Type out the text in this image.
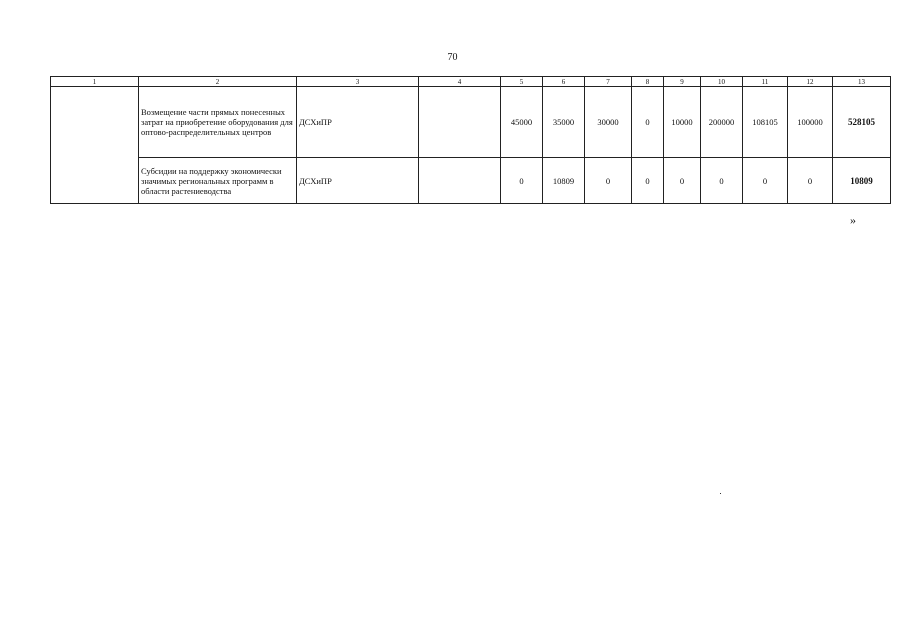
70
1	2	3	4	5	6	7	8	9	10	11	12	13
	Возмещение части прямых понесенных затрат на приобретение оборудования для оптово-распределительных центров	ДСХиПР		45000	35000	30000	0	10000	200000	108105	100000	528105
	Субсидии на поддержку экономически значимых региональных программ в области растениеводства	ДСХиПР		0	10809	0	0	0	0	0	0	10809
»
